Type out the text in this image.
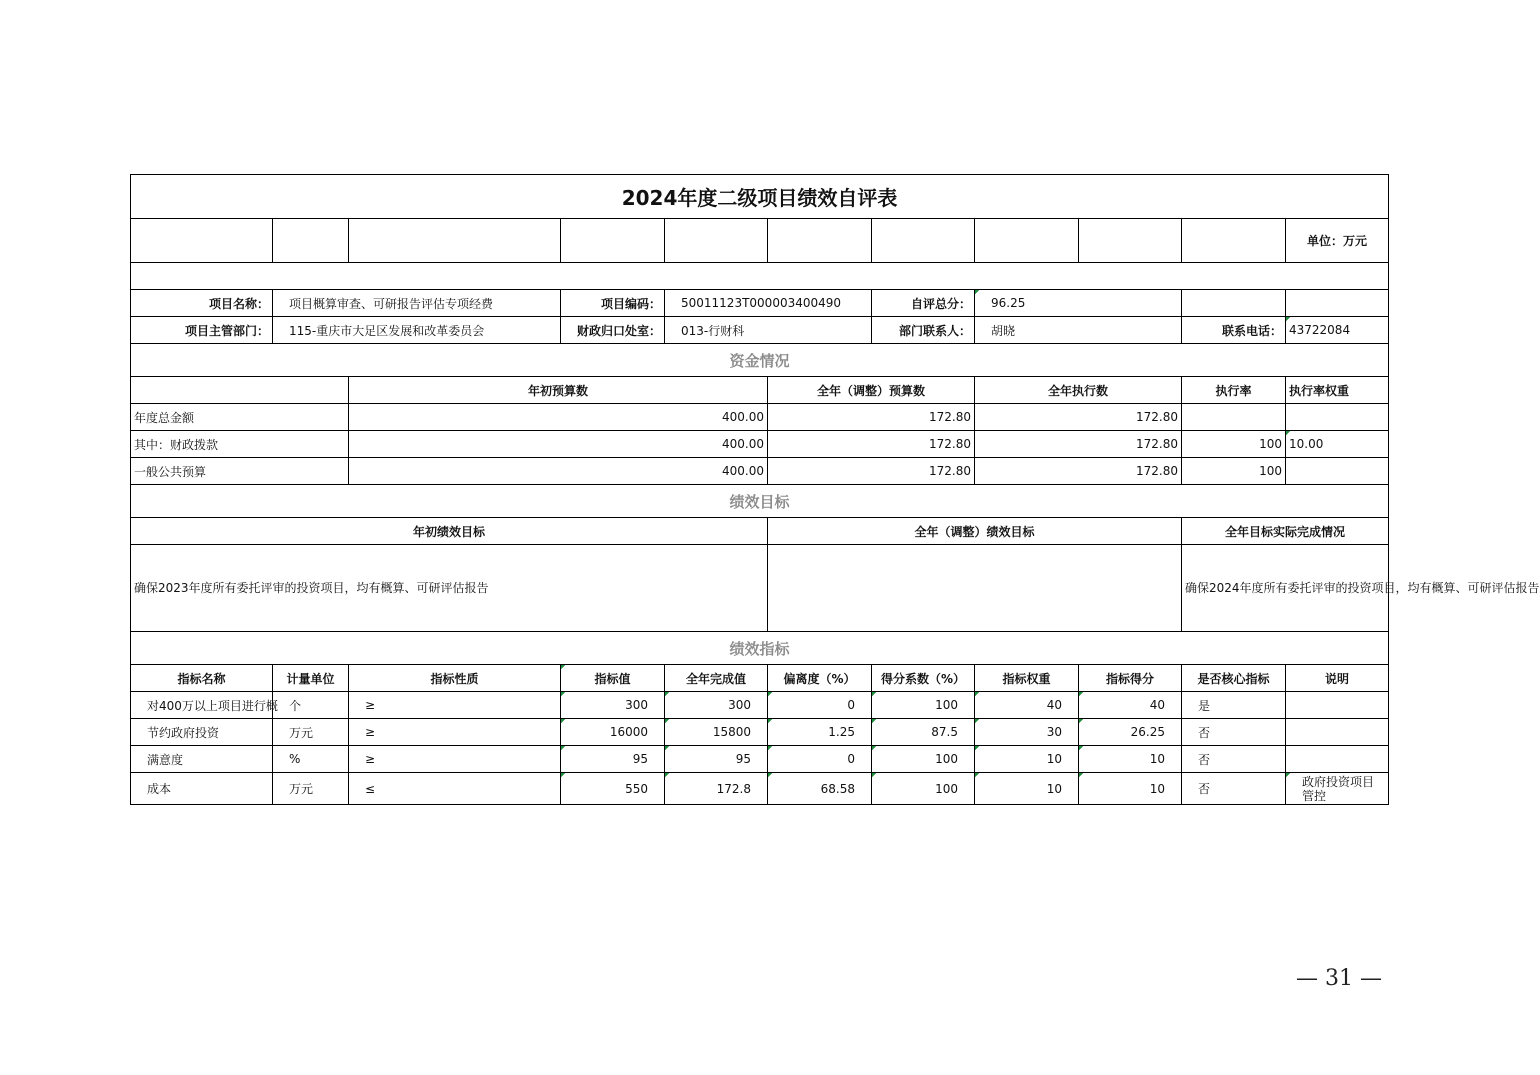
2024年度二级项目绩效自评表											
										单位：万元	

项目名称：	项目概算审查、可研报告评估专项经费		项目编码：	50011123T000003400490		自评总分：	96.25				
项目主管部门：	115-重庆市大足区发展和改革委员会		财政归口处室：	013-行财科		部门联系人：	胡晓		联系电话：	43722084	
资金情况											
		年初预算数			全年（调整）预算数		全年执行数		执行率	执行率权重	
年度总金额		400.00			172.80		172.80				
其中：财政拨款		400.00			172.80		172.80		100	10.00	
一般公共预算		400.00			172.80		172.80		100		
绩效目标											
年初绩效目标					全年（调整）绩效目标				全年目标实际完成情况		
确保2023年度所有委托评审的投资项目，均有概算、可研评估报告									确保2024年度所有委托评审的投资项目，均有概算、可研评估报告		
绩效指标											
指标名称	计量单位	指标性质	指标值	全年完成值	偏离度（%）	得分系数（%）	指标权重	指标得分	是否核心指标	说明	
对400万以上项目进行概	个	≥	300	300	0	100	40	40	是		
节约政府投资	万元	≥	16000	15800	1.25	87.5	30	26.25	否		
满意度	%	≥	95	95	0	100	10	10	否		
成本	万元	≤	550	172.8	68.58	100	10	10	否	政府投资项目管控	
— 31 —
